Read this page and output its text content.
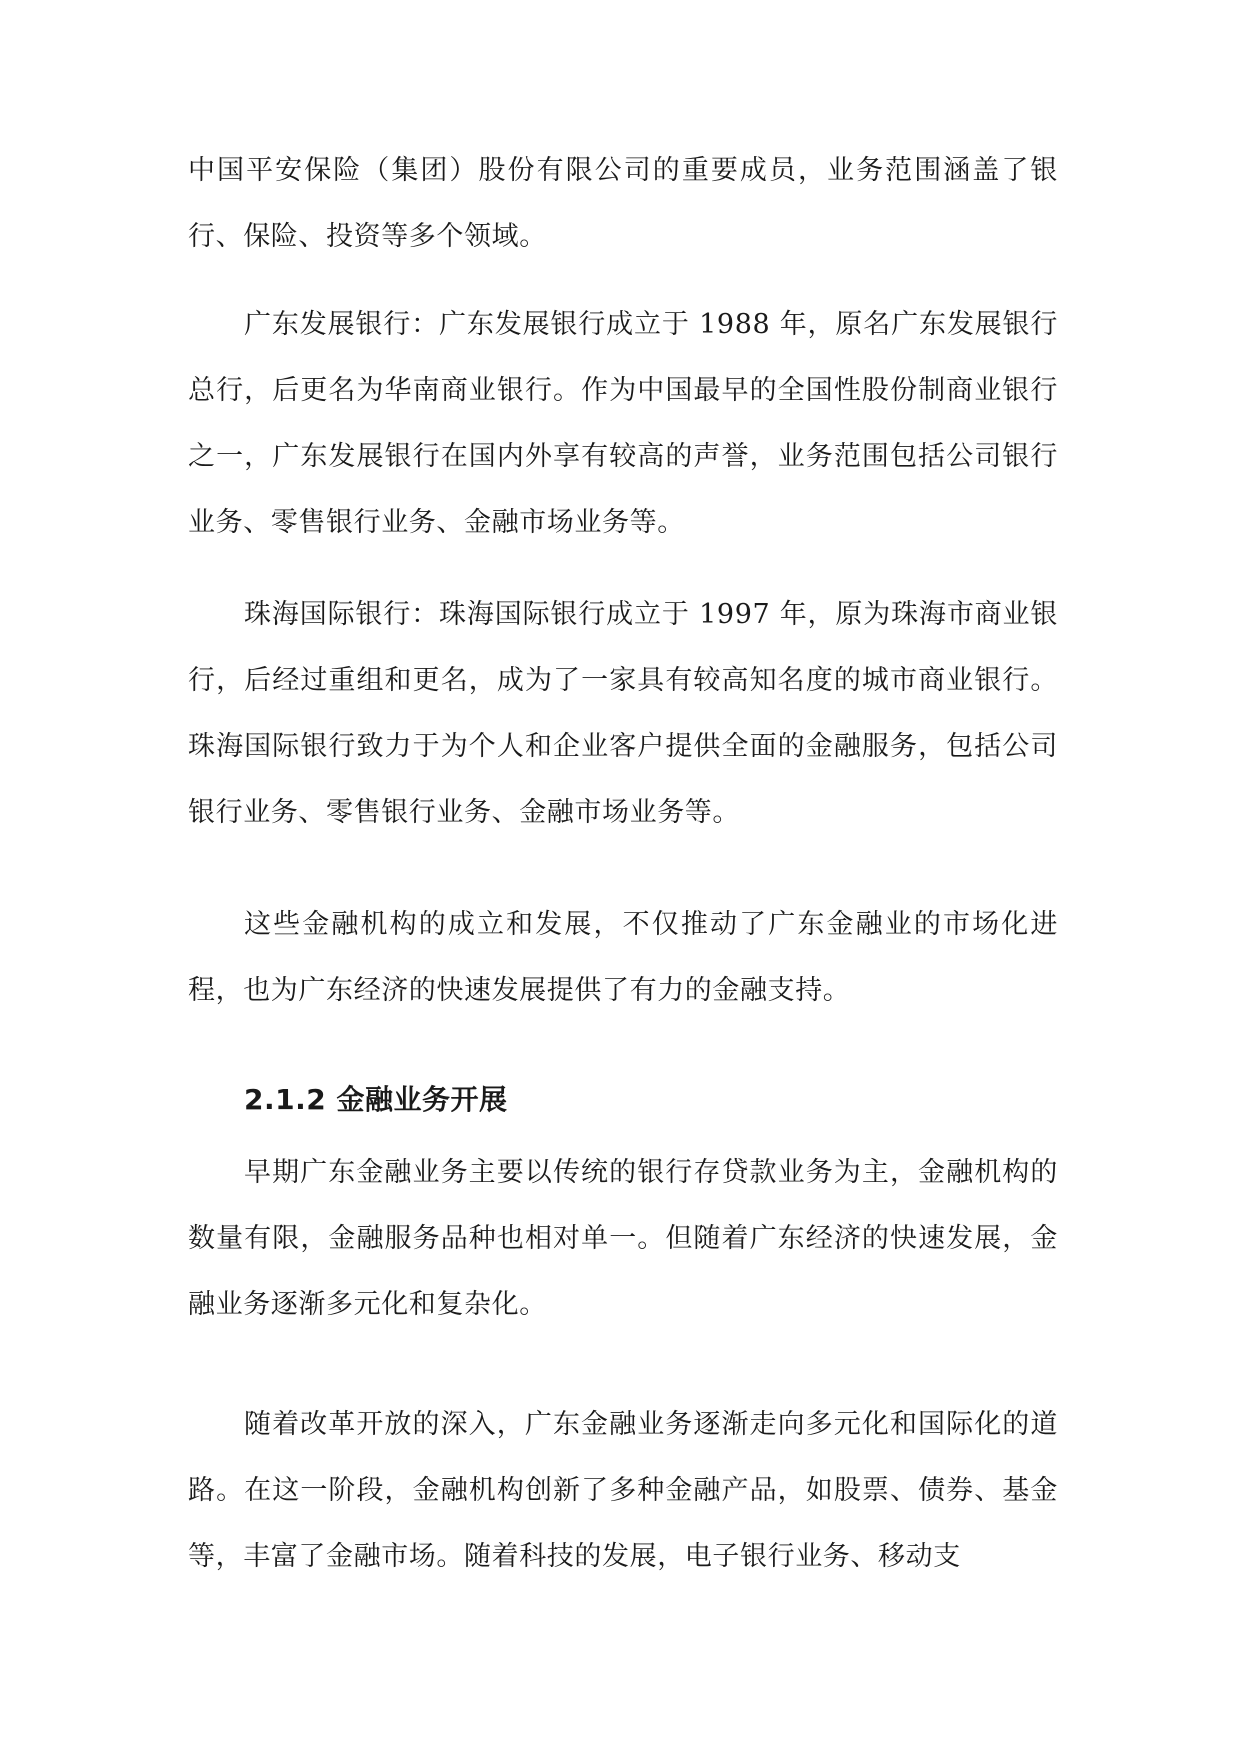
中国平安保险（集团）股份有限公司的重要成员，业务范围涵盖了银行、保险、投资等多个领域。

广东发展银行：广东发展银行成立于 1988 年，原名广东发展银行总行，后更名为华南商业银行。作为中国最早的全国性股份制商业银行之一，广东发展银行在国内外享有较高的声誉，业务范围包括公司银行业务、零售银行业务、金融市场业务等。

珠海国际银行：珠海国际银行成立于 1997 年，原为珠海市商业银行，后经过重组和更名，成为了一家具有较高知名度的城市商业银行。珠海国际银行致力于为个人和企业客户提供全面的金融服务，包括公司银行业务、零售银行业务、金融市场业务等。

这些金融机构的成立和发展，不仅推动了广东金融业的市场化进程，也为广东经济的快速发展提供了有力的金融支持。

2.1.2 金融业务开展

早期广东金融业务主要以传统的银行存贷款业务为主，金融机构的数量有限，金融服务品种也相对单一。但随着广东经济的快速发展，金融业务逐渐多元化和复杂化。

随着改革开放的深入，广东金融业务逐渐走向多元化和国际化的道路。在这一阶段，金融机构创新了多种金融产品，如股票、债券、基金等，丰富了金融市场。随着科技的发展，电子银行业务、移动支
